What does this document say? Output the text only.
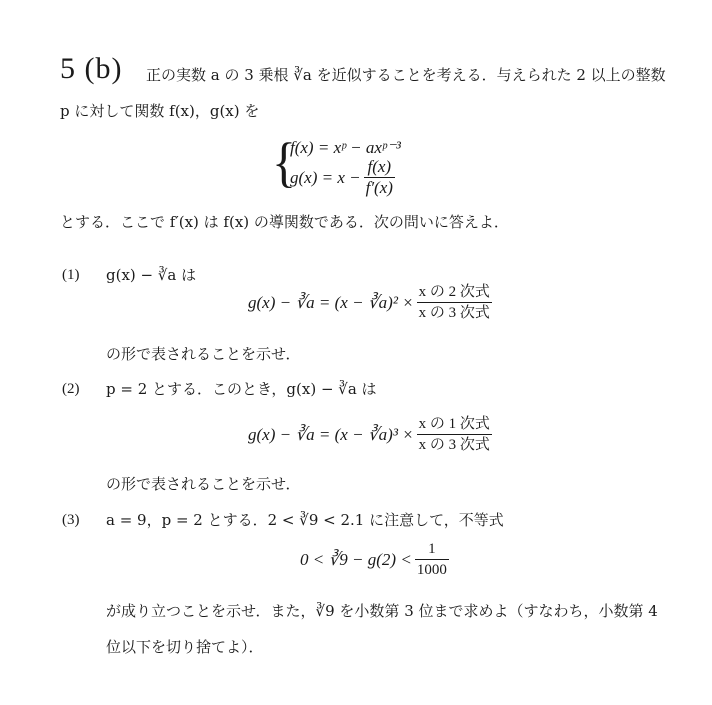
5 (b) 正の実数 a の 3 乗根 ∛a を近似することを考える．与えられた 2 以上の整数
p に対して関数 f(x)，g(x) を
{
f(x) = xᵖ − axᵖ⁻³
$g(x) = x - \frac{f(x)}{f'(x)}$
とする．ここで f′(x) は f(x) の導関数である．次の問いに答えよ．
(1) g(x) − ∛a は
g(x) − ∛a = (x − ∛a)² × $\frac{\text{x の 2 次式}}{\text{x の 3 次式}}$
の形で表されることを示せ．
(2) p = 2 とする．このとき，g(x) − ∛a は
g(x) − ∛a = (x − ∛a)³ × $\frac{\text{x の 1 次式}}{\text{x の 3 次式}}$
の形で表されることを示せ．
(3) a = 9，p = 2 とする．2 < ∛9 < 2.1 に注意して，不等式
0 < ∛9 − $g(2) < \frac{1}{1000}$
が成り立つことを示せ．また，∛9 を小数第 3 位まで求めよ（すなわち，小数第 4
位以下を切り捨てよ）．
